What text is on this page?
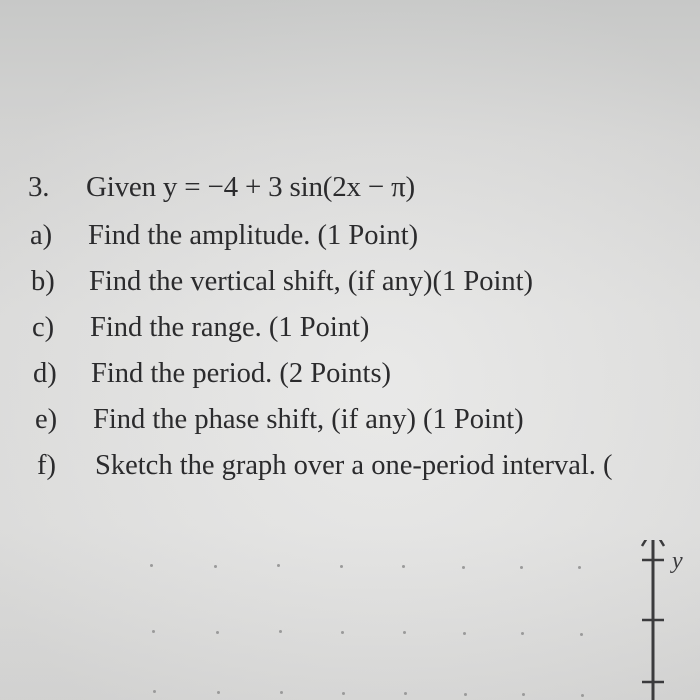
3. Given y = −4 + 3 sin(2x − π)
a) Find the amplitude. (1 Point)
b) Find the vertical shift, (if any)(1 Point)
c) Find the range. (1 Point)
d) Find the period. (2 Points)
e) Find the phase shift, (if any) (1 Point)
f) Sketch the graph over a one-period interval. (
y
